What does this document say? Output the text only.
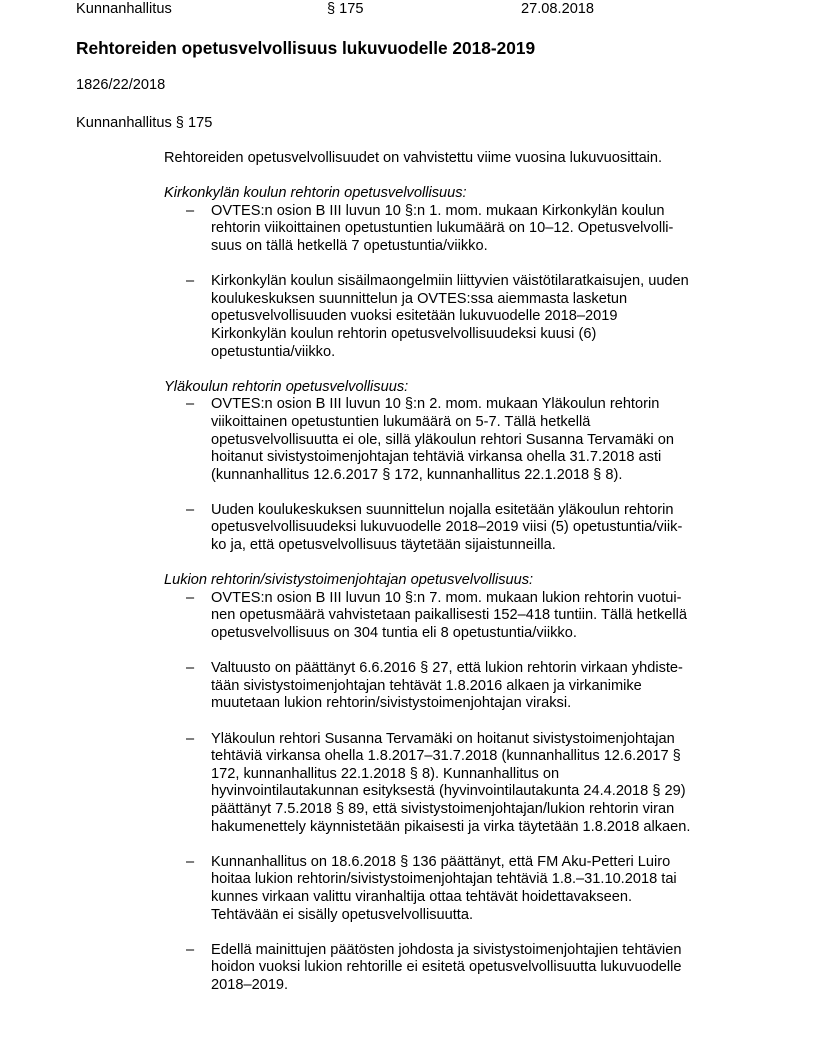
Kunnanhallitus	§ 175	27.08.2018
Rehtoreiden opetusvelvollisuus lukuvuodelle 2018-2019
1826/22/2018
Kunnanhallitus § 175

Rehtoreiden opetusvelvollisuudet on vahvistettu viime vuosina lukuvuosittain.

Kirkonkylän koulun rehtorin opetusvelvollisuus:

– OVTES:n osion B III luvun 10 §:n 1. mom. mukaan Kirkonkylän koulun
rehtorin viikoittainen opetustuntien lukumäärä on 10–12. Opetusvelvolli-
suus on tällä hetkellä 7 opetustuntia/viikko.
– Kirkonkylän koulun sisäilmaongelmiin liittyvien väistötilaratkaisujen, uuden
koulukeskuksen suunnittelun ja OVTES:ssa aiemmasta lasketun
opetusvelvollisuuden vuoksi esitetään lukuvuodelle 2018–2019
Kirkonkylän koulun rehtorin opetusvelvollisuudeksi kuusi (6)
opetustuntia/viikko.

Yläkoulun rehtorin opetusvelvollisuus:

– OVTES:n osion B III luvun 10 §:n 2. mom. mukaan Yläkoulun rehtorin
viikoittainen opetustuntien lukumäärä on 5-7. Tällä hetkellä
opetusvelvollisuutta ei ole, sillä yläkoulun rehtori Susanna Tervamäki on
hoitanut sivistystoimenjohtajan tehtäviä virkansa ohella 31.7.2018 asti
(kunnanhallitus 12.6.2017 § 172, kunnanhallitus 22.1.2018 § 8).
– Uuden koulukeskuksen suunnittelun nojalla esitetään yläkoulun rehtorin
opetusvelvollisuudeksi lukuvuodelle 2018–2019 viisi (5) opetustuntia/viik-
ko ja, että opetusvelvollisuus täytetään sijaistunneilla.

Lukion rehtorin/sivistystoimenjohtajan opetusvelvollisuus:

– OVTES:n osion B III luvun 10 §:n 7. mom. mukaan lukion rehtorin vuotui-
nen opetusmäärä vahvistetaan paikallisesti 152–418 tuntiin. Tällä hetkellä
opetusvelvollisuus on 304 tuntia eli 8 opetustuntia/viikko.
– Valtuusto on päättänyt 6.6.2016 § 27, että lukion rehtorin virkaan yhdiste-
tään sivistystoimenjohtajan tehtävät 1.8.2016 alkaen ja virkanimike
muutetaan lukion rehtorin/sivistystoimenjohtajan viraksi.
– Yläkoulun rehtori Susanna Tervamäki on hoitanut sivistystoimenjohtajan
tehtäviä virkansa ohella 1.8.2017–31.7.2018 (kunnanhallitus 12.6.2017 §
172, kunnanhallitus 22.1.2018 § 8). Kunnanhallitus on
hyvinvointilautakunnan esityksestä (hyvinvointilautakunta 24.4.2018 § 29)
päättänyt 7.5.2018 § 89, että sivistystoimenjohtajan/lukion rehtorin viran
hakumenettely käynnistetään pikaisesti ja virka täytetään 1.8.2018 alkaen.
– Kunnanhallitus on 18.6.2018 § 136 päättänyt, että FM Aku-Petteri Luiro
hoitaa lukion rehtorin/sivistystoimenjohtajan tehtäviä 1.8.–31.10.2018 tai
kunnes virkaan valittu viranhaltija ottaa tehtävät hoidettavakseen.
Tehtävään ei sisälly opetusvelvollisuutta.
– Edellä mainittujen päätösten johdosta ja sivistystoimenjohtajien tehtävien
hoidon vuoksi lukion rehtorille ei esitetä opetusvelvollisuutta lukuvuodelle
2018–2019.
